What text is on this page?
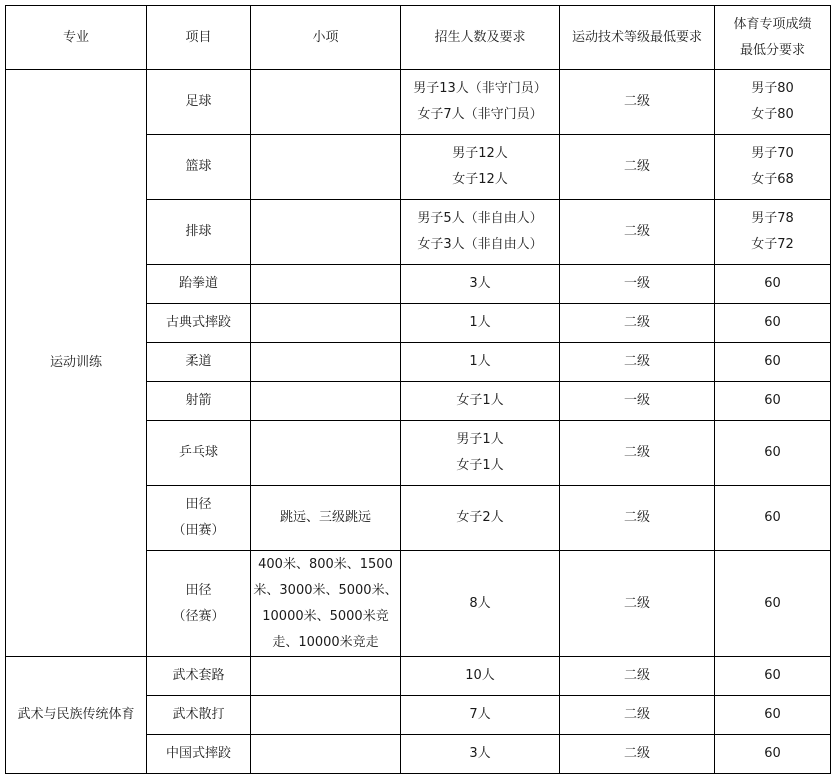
专业	项目	小项	招生人数及要求	运动技术等级最低要求	体育专项成绩
最低分要求

运动训练	足球		男子13人（非守门员）
女子7人（非守门员）	二级	男子80
女子80

	篮球		男子12人
女子12人	二级	男子70
女子68

	排球		男子5人（非自由人）
女子3人（非自由人）	二级	男子78
女子72

	跆拳道		3人	一级	60

	古典式摔跤		1人	二级	60

	柔道		1人	二级	60

	射箭		女子1人	一级	60

	乒乓球		男子1人
女子1人	二级	60

	田径
（田赛）	跳远、三级跳远	女子2人	二级	60

	田径
（径赛）	400米、800米、1500米、3000米、5000米、10000米、5000米竞走、10000米竞走	8人	二级	60

武术与民族传统体育	武术套路		10人	二级	60

	武术散打		7人	二级	60

	中国式摔跤		3人	二级	60
